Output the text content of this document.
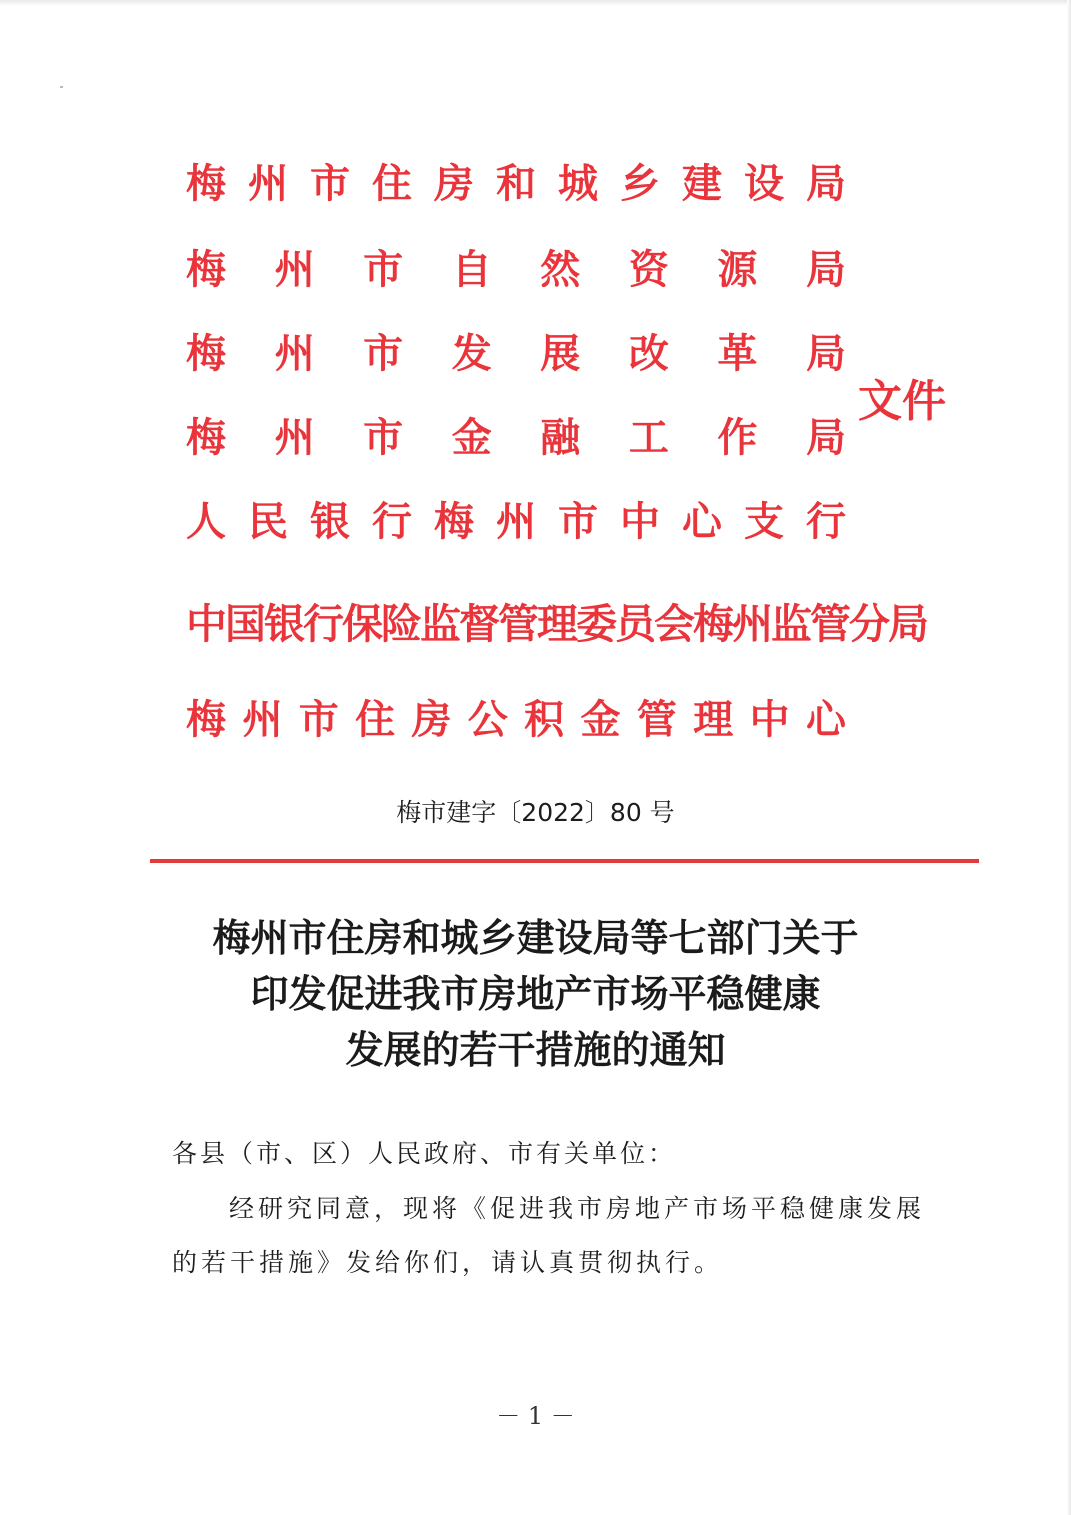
梅 州 市 住 房 和 城 乡 建 设 局
梅 州 市 自 然 资 源 局
梅 州 市 发 展 改 革 局
梅 州 市 金 融 工 作 局
人 民 银 行 梅 州 市 中 心 支 行
中 国 银 行 保 险 监 督 管 理 委 员 会 梅 州 监 管 分 局
梅 州 市 住 房 公 积 金 管 理 中 心
文件
梅市建字〔2022〕80 号
梅州市住房和城乡建设局等七部门关于
印发促进我市房地产市场平稳健康
发展的若干措施的通知
各县（市、区）人民政府、市有关单位：
经研究同意，现将《促进我市房地产市场平稳健康发展
的若干措施》发给你们，请认真贯彻执行。
－ 1 －
